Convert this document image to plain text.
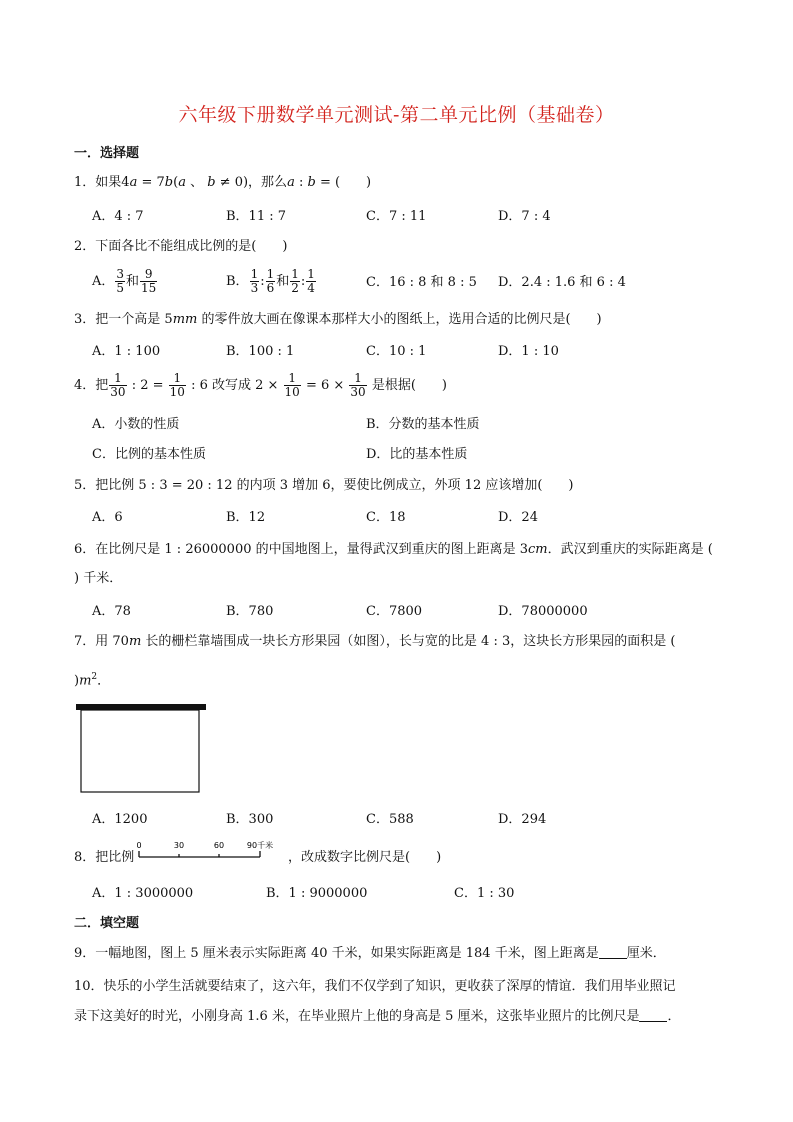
六年级下册数学单元测试-第二单元比例（基础卷）
一．选择题
1．如果4a = 7b(a 、 b ≠ 0)，那么a : b = (　　)
A．4 : 7	B．11 : 7	C．7 : 11	D．7 : 4
2．下面各比不能组成比例的是(　　)
A． $\frac{3}{5}$ 和 $\frac{9}{15}$	B． $\frac{1}{3}$ : $\frac{1}{6}$ 和 $\frac{1}{2}$ : $\frac{1}{4}$	C．16 : 8 和 8 : 5 D．2.4 : 1.6 和 6 : 4
3．把一个高是 5mm 的零件放大画在像课本那样大小的图纸上，选用合适的比例尺是(　　)
A．1 : 100	B．100 : 1	C．10 : 1	D．1 : 10
4．把 $\frac{1}{30}$ : $2 = \frac{1}{10}$ : 6 改写成 $2 \times \frac{1}{10} = 6 \times \frac{1}{30}$ 是根据(　　)
A．小数的性质	B．分数的基本性质
C．比例的基本性质	D．比的基本性质
5．把比例 5 : 3 = 20 : 12 的内项 3 增加 6，要使比例成立，外项 12 应该增加(　　)
A．6	B．12	C．18	D．24
6．在比例尺是 1 : 26000000 的中国地图上，量得武汉到重庆的图上距离是 3cm．武汉到重庆的实际距离是 (
) 千米．
A．78	B．780	C．7800	D．78000000
7．用 70m 长的栅栏靠墙围成一块长方形果园（如图），长与宽的比是 4 : 3，这块长方形果园的面积是 (
)$m^2$．
A．1200	B．300	C．588	D．294
8．把比例
0	30	60	90千米
，改成数字比例尺是(　　)
A．1 : 3000000	B．1 : 9000000	C．1 : 30
二．填空题
9．一幅地图，图上 5 厘米表示实际距离 40 千米，如果实际距离是 184 千米，图上距离是 厘米．
10．快乐的小学生活就要结束了，这六年，我们不仅学到了知识，更收获了深厚的情谊．我们用毕业照记
录下这美好的时光，小刚身高 1.6 米，在毕业照片上他的身高是 5 厘米，这张毕业照片的比例尺是 ．
